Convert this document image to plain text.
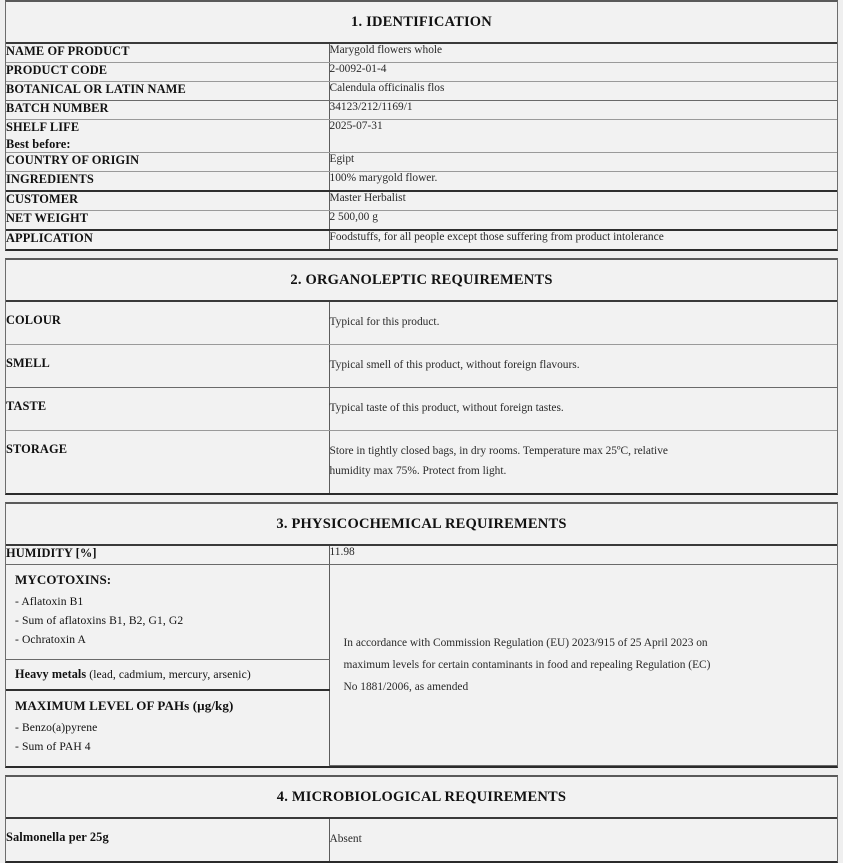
1. IDENTIFICATION
NAME OF PRODUCT	Marygold flowers whole
PRODUCT CODE	2-0092-01-4
BOTANICAL OR LATIN NAME	Calendula officinalis flos
BATCH NUMBER	34123/212/1169/1
SHELF LIFE
Best before:	2025-07-31
COUNTRY OF ORIGIN	Egipt
INGREDIENTS	100% marygold flower.
CUSTOMER	Master Herbalist
NET WEIGHT	2 500,00 g
APPLICATION	Foodstuffs, for all people except those suffering from product intolerance
2. ORGANOLEPTIC REQUIREMENTS
COLOUR	Typical for this product.
SMELL	Typical smell of this product, without foreign flavours.
TASTE	Typical taste of this product, without foreign tastes.
STORAGE	Store in tightly closed bags, in dry rooms. Temperature max 25ºC, relative
humidity max 75%. Protect from light.
3. PHYSICOCHEMICAL REQUIREMENTS
HUMIDITY [%]	11.98

MYCOTOXINS:
- Aflatoxin B1
- Sum of aflatoxins B1, B2, G1, G2
- Ochratoxin A	In accordance with Commission Regulation (EU) 2023/915 of 25 April 2023 on
maximum levels for certain contaminants in food and repealing Regulation (EC)
No 1881/2006, as amended
Heavy metals (lead, cadmium, mercury, arsenic)	

MAXIMUM LEVEL OF PAHs (µg/kg)
- Benzo(a)pyrene
- Sum of PAH 4	
4. MICROBIOLOGICAL REQUIREMENTS
Salmonella per 25g	Absent
